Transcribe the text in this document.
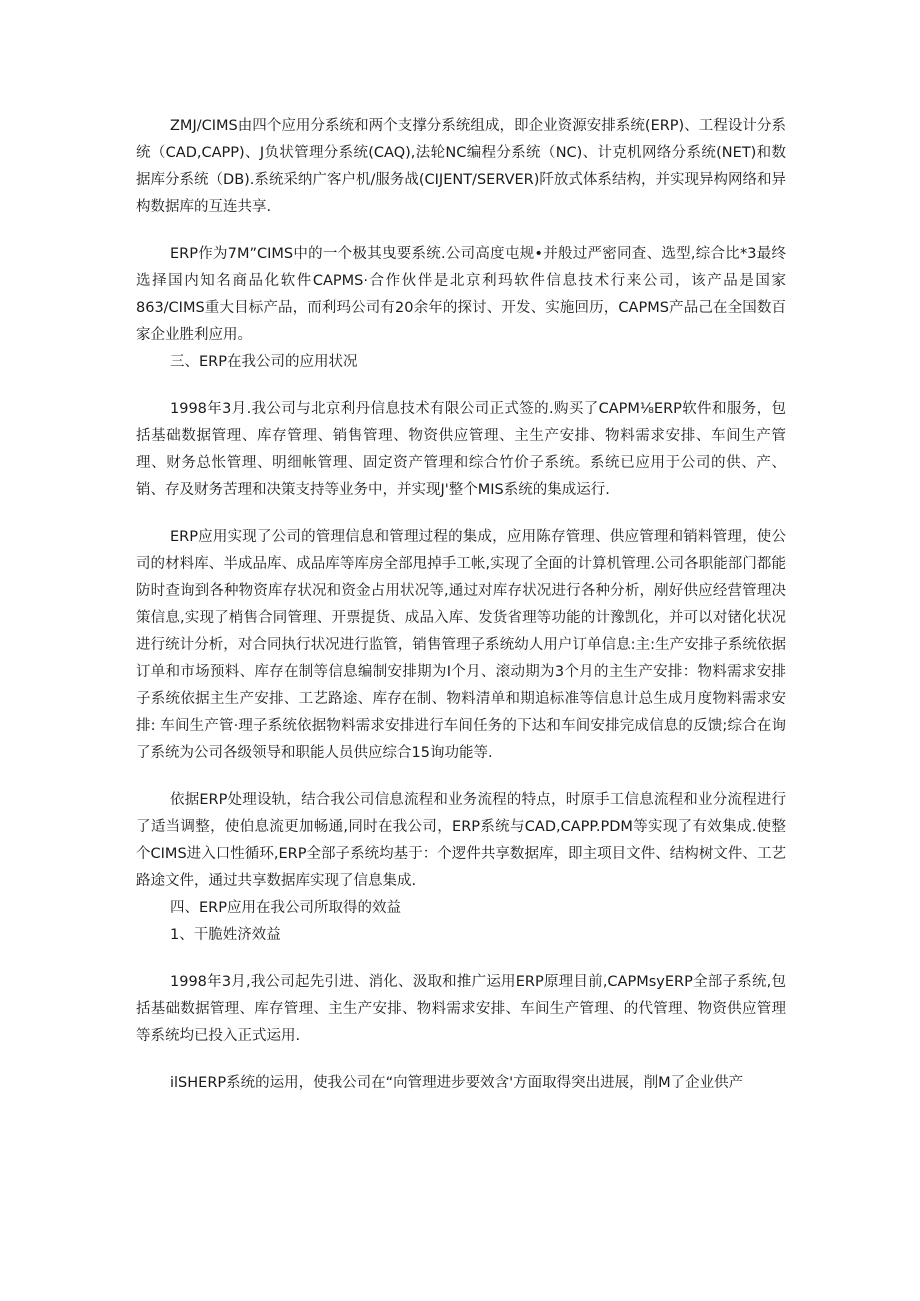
ZMJ/CIMS由四个应用分系统和两个支撑分系统组成，即企业资源安排系统(ERP)、工程设计分系统（CAD,CAPP)、J负状管理分系统(CAQ),法轮NC编程分系统（NC)、计克机网络分系统(NET)和数据库分系统（DB).系统采纳广客户机/服务战(CIJENT/SERVER)阡放式体系结构，并实现异构网络和异构数据库的互连共享.

ERP作为7M”CIMS中的一个极其曳要系统.公司高度屯规•并般过严密同査、选型,综合比*3最终选择国内知名商品化软件CAPMS·合作伙伴是北京利玛软件信息技术行来公司，该产品是国家863/CIMS重大目标产品，而利玛公司有20余年的探讨、开发、实施回历，CAPMS产品己在全国数百家企业胜利应用。

三、ERP在我公司的应用状况

1998年3月.我公司与北京利丹信息技术有限公司正式签的.购买了CAPM⅛ERP软件和服务，包括基础数据管理、库存管理、销售管理、物资供应管理、主生产安排、物料需求安排、车间生产管理、财务总怅管理、明细帐管理、固定资产管理和综合竹价子系统。系统已应用于公司的供、产、销、存及财务苦理和决策支持等业务中，并实现J'整个MIS系统的集成运行.

ERP应用实现了公司的管理信息和管理过程的集成，应用陈存管理、供应管理和销料管理，使公司的材料库、半成品库、成品库等库房全部甩掉手工帐,实现了全面的计算机管理.公司各职能部门都能防时查询到各种物资库存状况和资金占用状况等,通过对库存状况进行各种分析，剐好供应经营管理决策信息,实现了梢售合同管理、开票提货、成品入库、发货省理等功能的计豫凯化，并可以对锗化状况进行统计分析，对合同执行状况进行监管，销售管理子系统幼人用户订单信息:主:生产安排子系统依据订单和市场预料、库存在制等信息编制安排期为I个月、滚动期为3个月的主生产安排：物料需求安排子系统依据主生产安排、工艺路途、库存在制、物料清单和期追标准等信息计总生成月度物料需求安排: 车间生产管·理子系统依据物料需求安排进行车间任务的下达和车间安排完成信息的反馈;综合在询了系统为公司各级领导和职能人员供应综合15询功能等.

依据ERP处理设轨，结合我公司信息流程和业务流程的特点，时原手工信息流程和业分流程进行了适当调整，使伯息流更加畅通,同时在我公司，ERP系统与CAD,CAPP.PDM等实现了有效集成.使整个CIMS进入口性循环,ERP全部子系统均基于：个逻件共享数据库，即主项目文件、结构树文件、工艺路途文件，通过共享数据库实现了信息集成.

四、ERP应用在我公司所取得的效益

1、干脆姓济效益

1998年3月,我公司起先引进、消化、汲取和推广运用ERP原理目前,CAPMsyERP全部子系统,包括基础数据管理、库存管理、主生产安排、物料需求安排、车间生产管理、的代管理、物资供应管理等系统均已投入正式运用.

ilSHERP系统的运用，使我公司在“向管理进步要效含'方面取得突出进展，削M了企业供产
